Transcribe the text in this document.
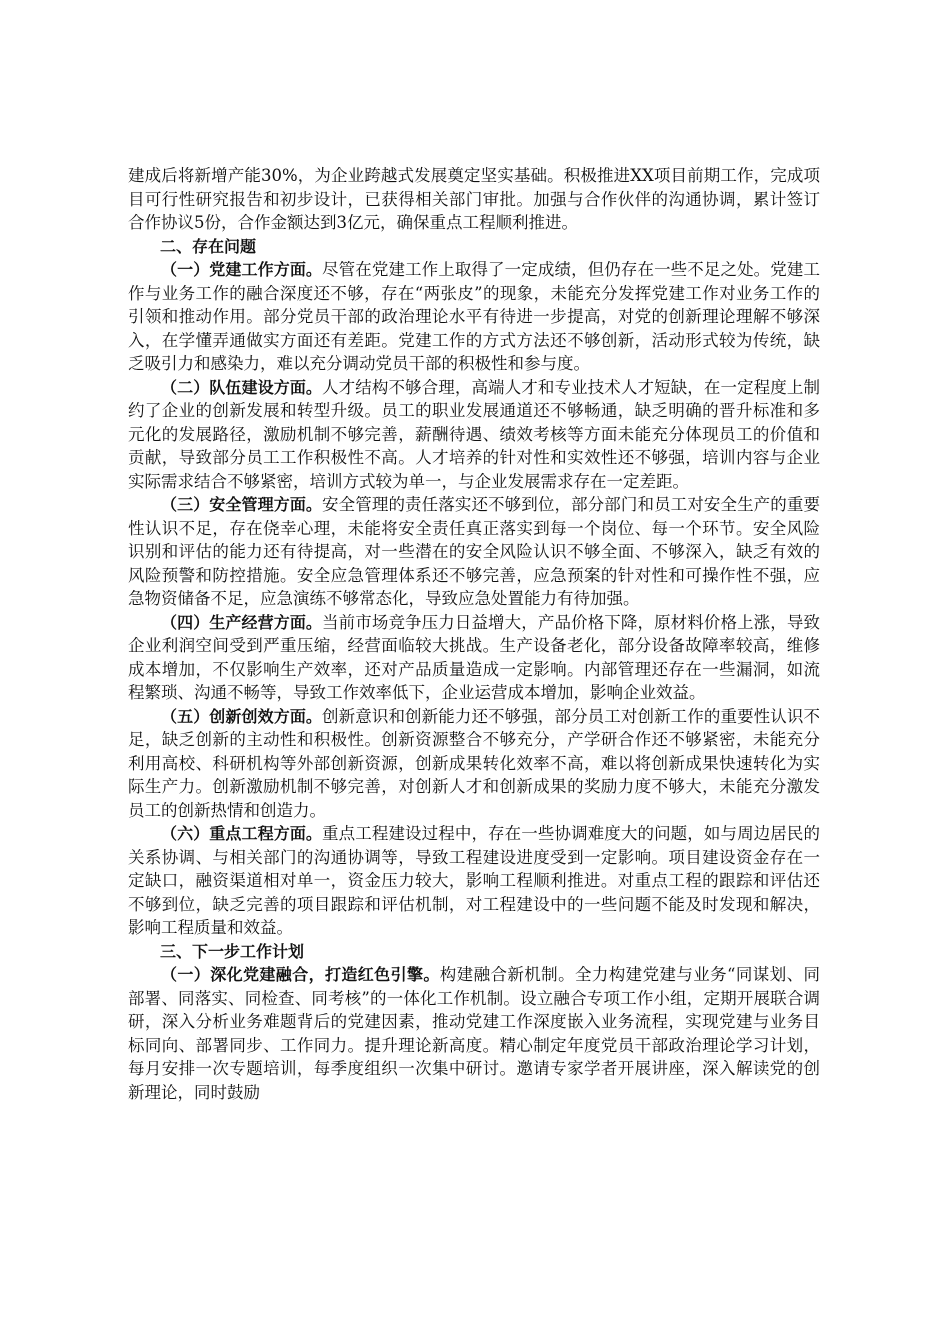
建成后将新增产能30%，为企业跨越式发展奠定坚实基础。积极推进XX项目前期工作，完成项目可行性研究报告和初步设计，已获得相关部门审批。加强与合作伙伴的沟通协调，累计签订合作协议5份，合作金额达到3亿元，确保重点工程顺利推进。

二、存在问题

（一）党建工作方面。尽管在党建工作上取得了一定成绩，但仍存在一些不足之处。党建工作与业务工作的融合深度还不够，存在“两张皮”的现象，未能充分发挥党建工作对业务工作的引领和推动作用。部分党员干部的政治理论水平有待进一步提高，对党的创新理论理解不够深入，在学懂弄通做实方面还有差距。党建工作的方式方法还不够创新，活动形式较为传统，缺乏吸引力和感染力，难以充分调动党员干部的积极性和参与度。

（二）队伍建设方面。人才结构不够合理，高端人才和专业技术人才短缺，在一定程度上制约了企业的创新发展和转型升级。员工的职业发展通道还不够畅通，缺乏明确的晋升标准和多元化的发展路径，激励机制不够完善，薪酬待遇、绩效考核等方面未能充分体现员工的价值和贡献，导致部分员工工作积极性不高。人才培养的针对性和实效性还不够强，培训内容与企业实际需求结合不够紧密，培训方式较为单一，与企业发展需求存在一定差距。

（三）安全管理方面。安全管理的责任落实还不够到位，部分部门和员工对安全生产的重要性认识不足，存在侥幸心理，未能将安全责任真正落实到每一个岗位、每一个环节。安全风险识别和评估的能力还有待提高，对一些潜在的安全风险认识不够全面、不够深入，缺乏有效的风险预警和防控措施。安全应急管理体系还不够完善，应急预案的针对性和可操作性不强，应急物资储备不足，应急演练不够常态化，导致应急处置能力有待加强。

（四）生产经营方面。当前市场竞争压力日益增大，产品价格下降，原材料价格上涨，导致企业利润空间受到严重压缩，经营面临较大挑战。生产设备老化，部分设备故障率较高，维修成本增加，不仅影响生产效率，还对产品质量造成一定影响。内部管理还存在一些漏洞，如流程繁琐、沟通不畅等，导致工作效率低下，企业运营成本增加，影响企业效益。

（五）创新创效方面。创新意识和创新能力还不够强，部分员工对创新工作的重要性认识不足，缺乏创新的主动性和积极性。创新资源整合不够充分，产学研合作还不够紧密，未能充分利用高校、科研机构等外部创新资源，创新成果转化效率不高，难以将创新成果快速转化为实际生产力。创新激励机制不够完善，对创新人才和创新成果的奖励力度不够大，未能充分激发员工的创新热情和创造力。

（六）重点工程方面。重点工程建设过程中，存在一些协调难度大的问题，如与周边居民的关系协调、与相关部门的沟通协调等，导致工程建设进度受到一定影响。项目建设资金存在一定缺口，融资渠道相对单一，资金压力较大，影响工程顺利推进。对重点工程的跟踪和评估还不够到位，缺乏完善的项目跟踪和评估机制，对工程建设中的一些问题不能及时发现和解决，影响工程质量和效益。

三、下一步工作计划

（一）深化党建融合，打造红色引擎。构建融合新机制。全力构建党建与业务“同谋划、同部署、同落实、同检查、同考核”的一体化工作机制。设立融合专项工作小组，定期开展联合调研，深入分析业务难题背后的党建因素，推动党建工作深度嵌入业务流程，实现党建与业务目标同向、部署同步、工作同力。提升理论新高度。精心制定年度党员干部政治理论学习计划，每月安排一次专题培训，每季度组织一次集中研讨。邀请专家学者开展讲座，深入解读党的创新理论，同时鼓励
